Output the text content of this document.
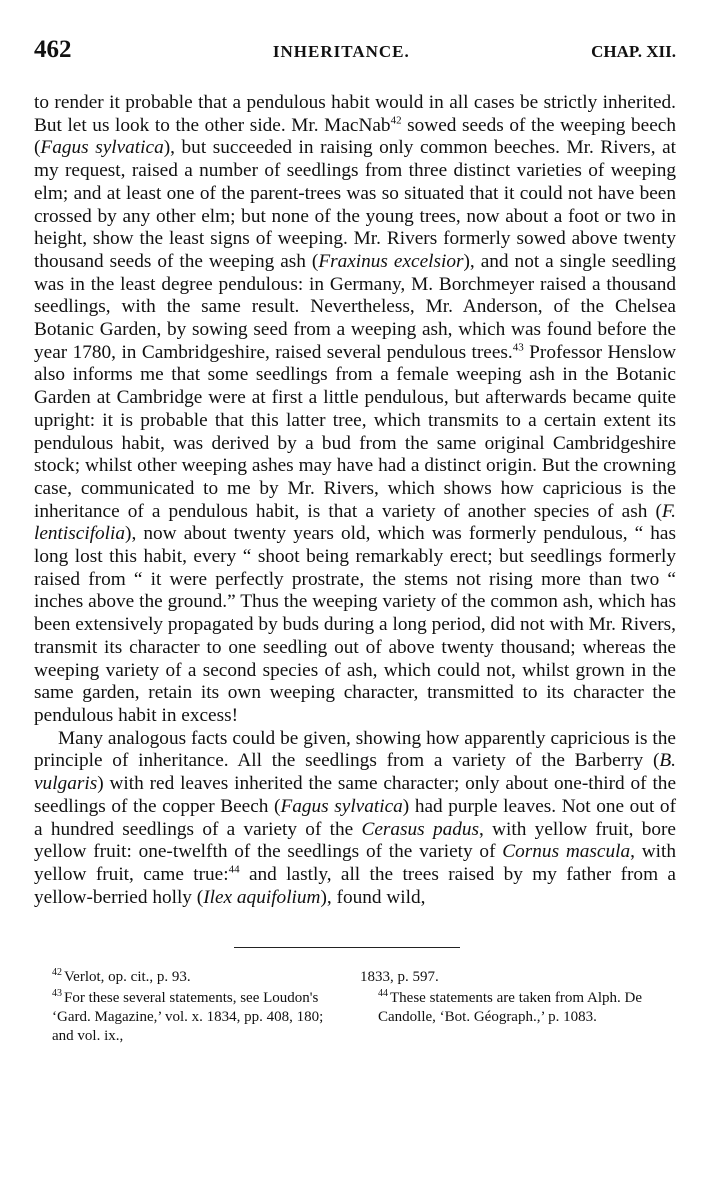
462	INHERITANCE.	CHAP. XII.

to render it probable that a pendulous habit would in all cases be strictly inherited. But let us look to the other side. Mr. MacNab$^{42}$ sowed seeds of the weeping beech (Fagus sylvatica), but succeeded in raising only common beeches. Mr. Rivers, at my request, raised a number of seedlings from three distinct varieties of weeping elm; and at least one of the parent-trees was so situated that it could not have been crossed by any other elm; but none of the young trees, now about a foot or two in height, show the least signs of weeping. Mr. Rivers formerly sowed above twenty thousand seeds of the weeping ash (Fraxinus excelsior), and not a single seedling was in the least degree pendulous: in Germany, M. Borchmeyer raised a thousand seedlings, with the same result. Nevertheless, Mr. Anderson, of the Chelsea Botanic Garden, by sowing seed from a weeping ash, which was found before the year 1780, in Cambridgeshire, raised several pendulous trees.$^{43}$ Professor Henslow also informs me that some seedlings from a female weeping ash in the Botanic Garden at Cambridge were at first a little pendulous, but afterwards became quite upright: it is probable that this latter tree, which transmits to a certain extent its pendulous habit, was derived by a bud from the same original Cambridgeshire stock; whilst other weeping ashes may have had a distinct origin. But the crowning case, communicated to me by Mr. Rivers, which shows how capricious is the inheritance of a pendulous habit, is that a variety of another species of ash (F. lentiscifolia), now about twenty years old, which was formerly pendulous, “ has long lost this habit, every “ shoot being remarkably erect; but seedlings formerly raised from “ it were perfectly prostrate, the stems not rising more than two “ inches above the ground.” Thus the weeping variety of the common ash, which has been extensively propagated by buds during a long period, did not with Mr. Rivers, transmit its character to one seedling out of above twenty thousand; whereas the weeping variety of a second species of ash, which could not, whilst grown in the same garden, retain its own weeping character, transmitted to its character the pendulous habit in excess!

Many analogous facts could be given, showing how apparently capricious is the principle of inheritance. All the seedlings from a variety of the Barberry (B. vulgaris) with red leaves inherited the same character; only about one-third of the seedlings of the copper Beech (Fagus sylvatica) had purple leaves. Not one out of a hundred seedlings of a variety of the Cerasus padus, with yellow fruit, bore yellow fruit: one-twelfth of the seedlings of the variety of Cornus mascula, with yellow fruit, came true:$^{44}$ and lastly, all the trees raised by my father from a yellow-berried holly (Ilex aquifolium), found wild,

$^{42}$ Verlot, op. cit., p. 93.
$^{43}$ For these several statements, see Loudon's ‘Gard. Magazine,’ vol. x. 1834, pp. 408, 180; and vol. ix.,
1833, p. 597.
$^{44}$ These statements are taken from Alph. De Candolle, ‘Bot. Géograph.,’ p. 1083.
